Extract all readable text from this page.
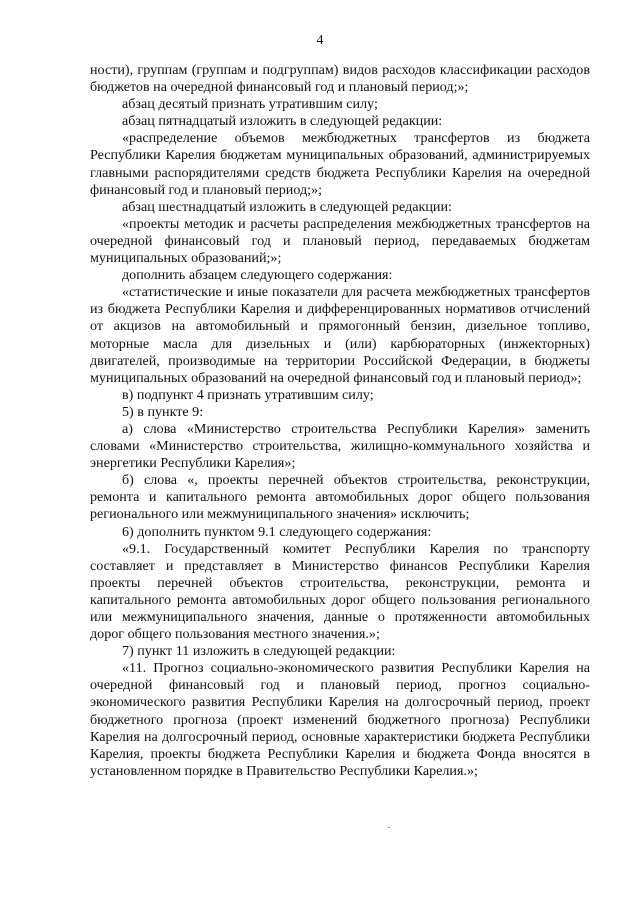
4

ности), группам (группам и подгруппам) видов расходов классификации расходов бюджетов на очередной финансовый год и плановый период;»;

абзац десятый признать утратившим силу;

абзац пятнадцатый изложить в следующей редакции:

«распределение объемов межбюджетных трансфертов из бюджета Республики Карелия бюджетам муниципальных образований, администрируемых главными распорядителями средств бюджета Республики Карелия на очередной финансовый год и плановый период;»;

абзац шестнадцатый изложить в следующей редакции:

«проекты методик и расчеты распределения межбюджетных трансфертов на очередной финансовый год и плановый период, передаваемых бюджетам муниципальных образований;»;

дополнить абзацем следующего содержания:

«статистические и иные показатели для расчета межбюджетных трансфертов из бюджета Республики Карелия и дифференцированных нормативов отчислений от акцизов на автомобильный и прямогонный бензин, дизельное топливо, моторные масла для дизельных и (или) карбюраторных (инжекторных) двигателей, производимые на территории Российской Федерации, в бюджеты муниципальных образований на очередной финансовый год и плановый период»;

в) подпункт 4 признать утратившим силу;

5) в пункте 9:

а) слова «Министерство строительства Республики Карелия» заменить словами «Министерство строительства, жилищно-коммунального хозяйства и энергетики Республики Карелия»;

б) слова «, проекты перечней объектов строительства, реконструкции, ремонта и капитального ремонта автомобильных дорог общего пользования регионального или межмуниципального значения» исключить;

6) дополнить пунктом 9.1 следующего содержания:

«9.1. Государственный комитет Республики Карелия по транспорту составляет и представляет в Министерство финансов Республики Карелия проекты перечней объектов строительства, реконструкции, ремонта и капитального ремонта автомобильных дорог общего пользования регионального или межмуниципального значения, данные о протяженности автомобильных дорог общего пользования местного значения.»;

7) пункт 11 изложить в следующей редакции:

«11. Прогноз социально-экономического развития Республики Карелия на очередной финансовый год и плановый период, прогноз социально-экономического развития Республики Карелия на долгосрочный период, проект бюджетного прогноза (проект изменений бюджетного прогноза) Республики Карелия на долгосрочный период, основные характеристики бюджета Республики Карелия, проекты бюджета Республики Карелия и бюджета Фонда вносятся в установленном порядке в Правительство Республики Карелия.»;
